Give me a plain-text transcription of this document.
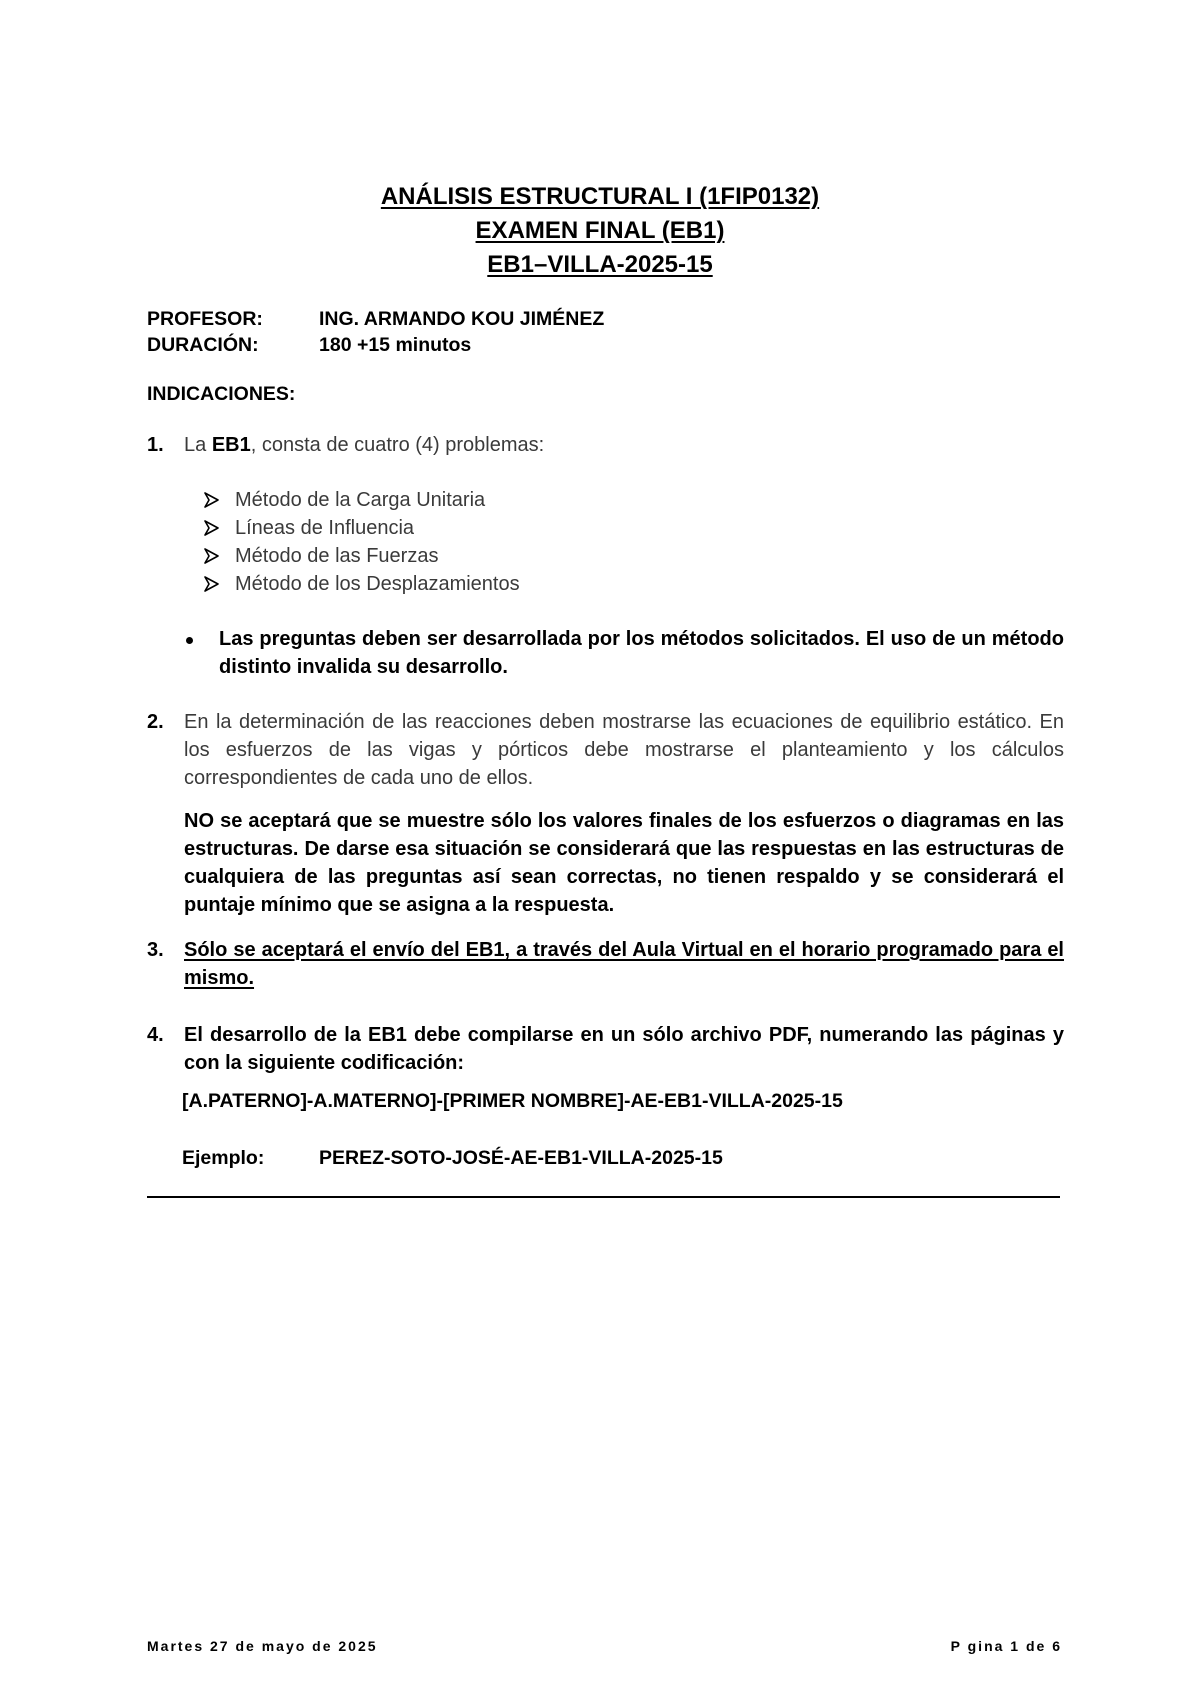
ANÁLISIS ESTRUCTURAL I (1FIP0132)
EXAMEN FINAL (EB1)
EB1–VILLA-2025-15
PROFESOR:	ING. ARMANDO KOU JIMÉNEZ
DURACIÓN:	180 +15 minutos
INDICACIONES:
1. La EB1, consta de cuatro (4) problemas:
Método de la Carga Unitaria
Líneas de Influencia
Método de las Fuerzas
Método de los Desplazamientos
Las preguntas deben ser desarrollada por los métodos solicitados. El uso de un método distinto invalida su desarrollo.
2. En la determinación de las reacciones deben mostrarse las ecuaciones de equilibrio estático. En los esfuerzos de las vigas y pórticos debe mostrarse el planteamiento y los cálculos correspondientes de cada uno de ellos.
NO se aceptará que se muestre sólo los valores finales de los esfuerzos o diagramas en las estructuras. De darse esa situación se considerará que las respuestas en las estructuras de cualquiera de las preguntas así sean correctas, no tienen respaldo y se considerará el puntaje mínimo que se asigna a la respuesta.
3. Sólo se aceptará el envío del EB1, a través del Aula Virtual en el horario programado para el mismo.
4. El desarrollo de la EB1 debe compilarse en un sólo archivo PDF, numerando las páginas y con la siguiente codificación:
[A.PATERNO]-A.MATERNO]-[PRIMER NOMBRE]-AE-EB1-VILLA-2025-15
Ejemplo:	PEREZ-SOTO-JOSÉ-AE-EB1-VILLA-2025-15
Martes 27 de mayo de 2025	P gina 1 de 6
